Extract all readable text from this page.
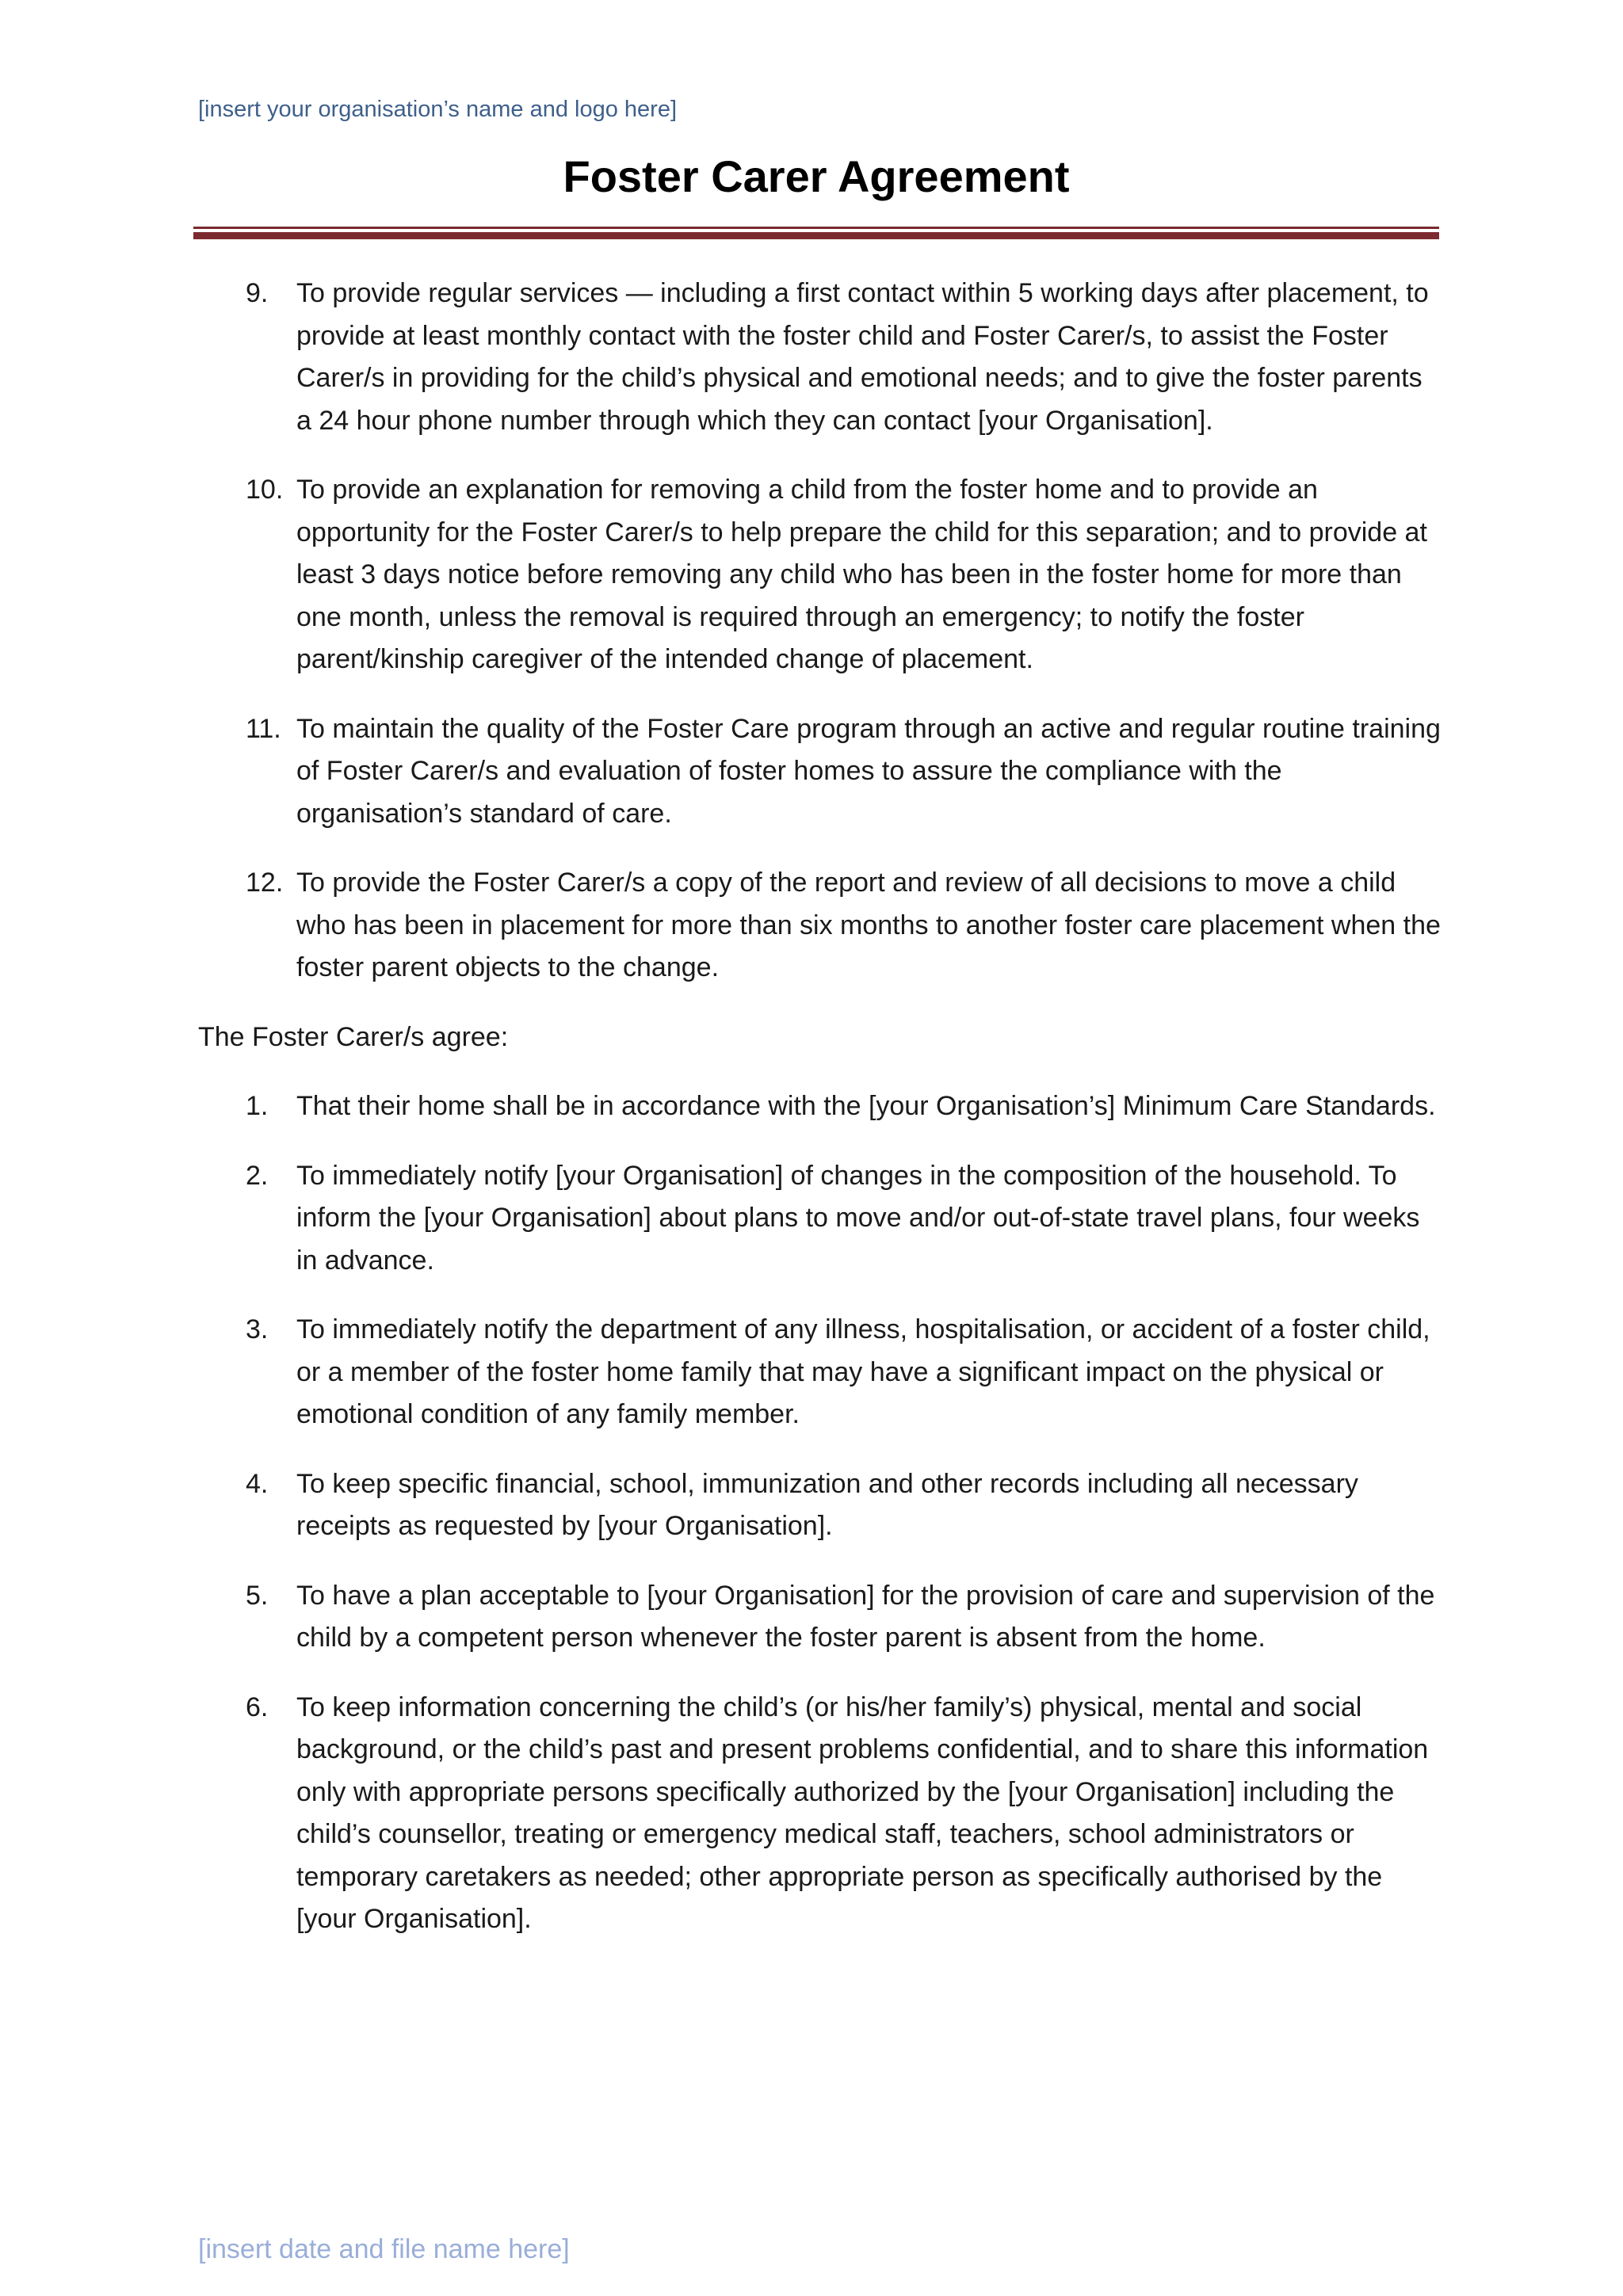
[insert your organisation’s name and logo here]
Foster Carer Agreement
9. To provide regular services — including a first contact within 5 working days after placement, to provide at least monthly contact with the foster child and Foster Carer/s, to assist the Foster Carer/s in providing for the child’s physical and emotional needs; and to give the foster parents a 24 hour phone number through which they can contact [your Organisation].
10. To provide an explanation for removing a child from the foster home and to provide an opportunity for the Foster Carer/s to help prepare the child for this separation; and to provide at least 3 days notice before removing any child who has been in the foster home for more than one month, unless the removal is required through an emergency; to notify the foster parent/kinship caregiver of the intended change of placement.
11. To maintain the quality of the Foster Care program through an active and regular routine training of Foster Carer/s and evaluation of foster homes to assure the compliance with the organisation’s standard of care.
12. To provide the Foster Carer/s a copy of the report and review of all decisions to move a child who has been in placement for more than six months to another foster care placement when the foster parent objects to the change.

The Foster Carer/s agree:

1. That their home shall be in accordance with the [your Organisation’s] Minimum Care Standards.
2. To immediately notify [your Organisation] of changes in the composition of the household. To inform the [your Organisation] about plans to move and/or out-of-state travel plans, four weeks in advance.
3. To immediately notify the department of any illness, hospitalisation, or accident of a foster child, or a member of the foster home family that may have a significant impact on the physical or emotional condition of any family member.
4. To keep specific financial, school, immunization and other records including all necessary receipts as requested by [your Organisation].
5. To have a plan acceptable to [your Organisation] for the provision of care and supervision of the child by a competent person whenever the foster parent is absent from the home.
6. To keep information concerning the child’s (or his/her family’s) physical, mental and social background, or the child’s past and present problems confidential, and to share this information only with appropriate persons specifically authorized by the [your Organisation] including the child’s counsellor, treating or emergency medical staff, teachers, school administrators or temporary caretakers as needed; other appropriate person as specifically authorised by the [your Organisation].
[insert date and file name here]
